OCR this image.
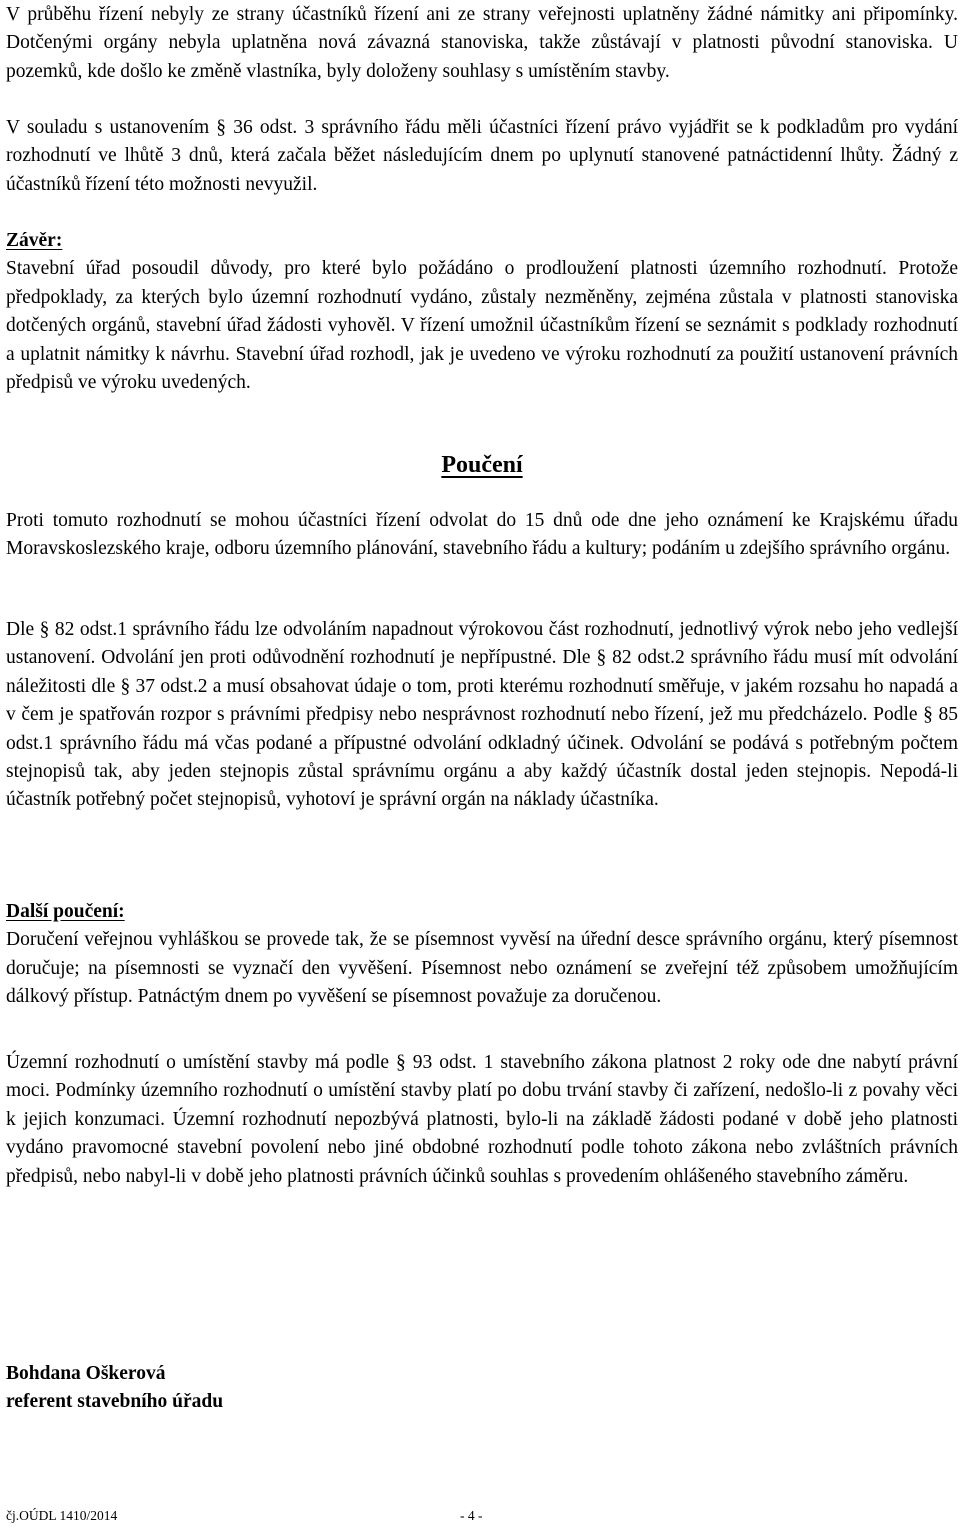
V průběhu řízení nebyly ze strany účastníků řízení ani ze strany veřejnosti uplatněny žádné námitky ani připomínky. Dotčenými orgány nebyla uplatněna nová závazná stanoviska, takže zůstávají v platnosti původní stanoviska. U pozemků, kde došlo ke změně vlastníka, byly doloženy souhlasy s umístěním stavby.

V souladu s ustanovením § 36 odst. 3 správního řádu měli účastníci řízení právo vyjádřit se k podkladům pro vydání rozhodnutí ve lhůtě 3 dnů, která začala běžet následujícím dnem po uplynutí stanovené patnáctidenní lhůty. Žádný z účastníků řízení této možnosti nevyužil.

Závěr:

Stavební úřad posoudil důvody, pro které bylo požádáno o prodloužení platnosti územního rozhodnutí. Protože předpoklady, za kterých bylo územní rozhodnutí vydáno, zůstaly nezměněny, zejména zůstala v platnosti stanoviska dotčených orgánů, stavební úřad žádosti vyhověl. V řízení umožnil účastníkům řízení se seznámit s podklady rozhodnutí a uplatnit námitky k návrhu. Stavební úřad rozhodl, jak je uvedeno ve výroku rozhodnutí za použití ustanovení právních předpisů ve výroku uvedených.

Poučení

Proti tomuto rozhodnutí se mohou účastníci řízení odvolat do 15 dnů ode dne jeho oznámení ke Krajskému úřadu Moravskoslezského kraje, odboru územního plánování, stavebního řádu a kultury; podáním u zdejšího správního orgánu.

Dle § 82 odst.1 správního řádu lze odvoláním napadnout výrokovou část rozhodnutí, jednotlivý výrok nebo jeho vedlejší ustanovení. Odvolání jen proti odůvodnění rozhodnutí je nepřípustné. Dle § 82 odst.2 správního řádu musí mít odvolání náležitosti dle § 37 odst.2 a musí obsahovat údaje o tom, proti kterému rozhodnutí směřuje, v jakém rozsahu ho napadá a v čem je spatřován rozpor s právními předpisy nebo nesprávnost rozhodnutí nebo řízení, jež mu předcházelo. Podle § 85 odst.1 správního řádu má včas podané a přípustné odvolání odkladný účinek. Odvolání se podává s potřebným počtem stejnopisů tak, aby jeden stejnopis zůstal správnímu orgánu a aby každý účastník dostal jeden stejnopis. Nepodá-li účastník potřebný počet stejnopisů, vyhotoví je správní orgán na náklady účastníka.

Další poučení:

Doručení veřejnou vyhláškou se provede tak, že se písemnost vyvěsí na úřední desce správního orgánu, který písemnost doručuje; na písemnosti se vyznačí den vyvěšení. Písemnost nebo oznámení se zveřejní též způsobem umožňujícím dálkový přístup. Patnáctým dnem po vyvěšení se písemnost považuje za doručenou.

Územní rozhodnutí o umístění stavby má podle § 93 odst. 1 stavebního zákona platnost 2 roky ode dne nabytí právní moci. Podmínky územního rozhodnutí o umístění stavby platí po dobu trvání stavby či zařízení, nedošlo-li z povahy věci k jejich konzumaci. Územní rozhodnutí nepozbývá platnosti, bylo-li na základě žádosti podané v době jeho platnosti vydáno pravomocné stavební povolení nebo jiné obdobné rozhodnutí podle tohoto zákona nebo zvláštních právních předpisů, nebo nabyl-li v době jeho platnosti právních účinků souhlas s provedením ohlášeného stavebního záměru.

Bohdana Oškerová

referent stavebního úřadu

čj.OÚDL 1410/2014	- 4 -
